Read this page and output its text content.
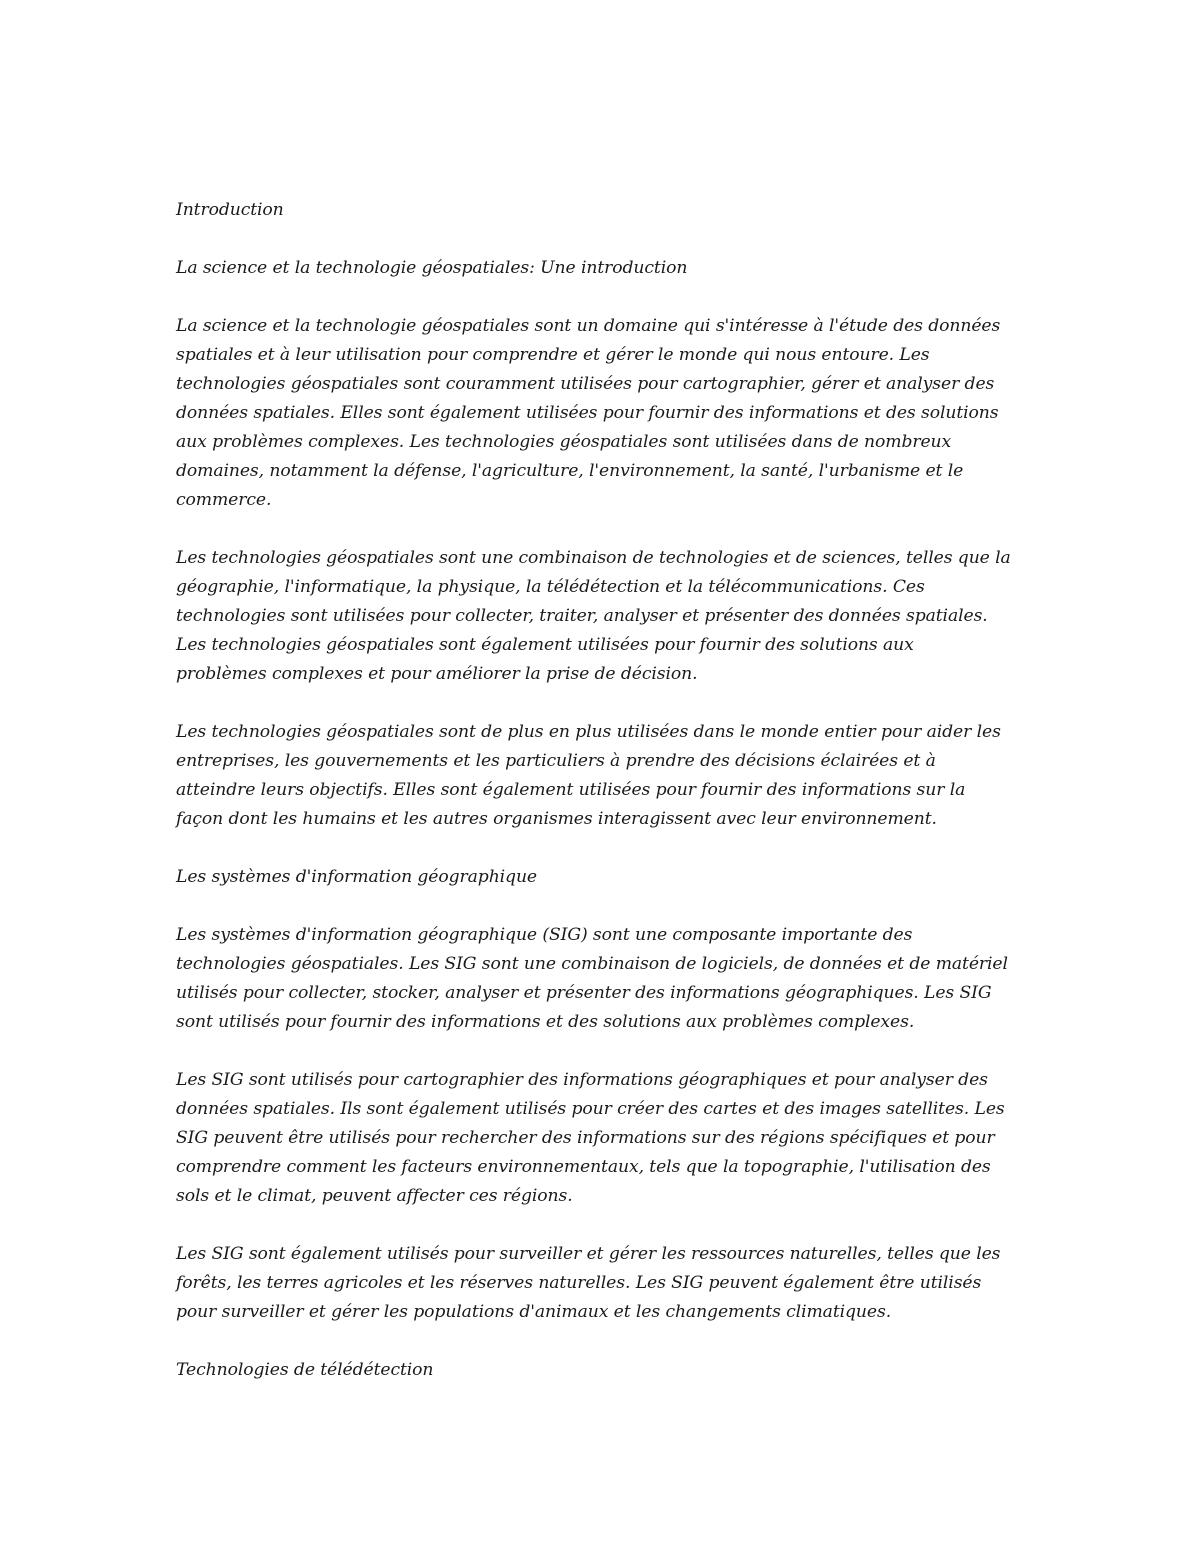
Introduction
La science et la technologie géospatiales: Une introduction
La science et la technologie géospatiales sont un domaine qui s'intéresse à l'étude des données
spatiales et à leur utilisation pour comprendre et gérer le monde qui nous entoure. Les
technologies géospatiales sont couramment utilisées pour cartographier, gérer et analyser des
données spatiales. Elles sont également utilisées pour fournir des informations et des solutions
aux problèmes complexes. Les technologies géospatiales sont utilisées dans de nombreux
domaines, notamment la défense, l'agriculture, l'environnement, la santé, l'urbanisme et le
commerce.
Les technologies géospatiales sont une combinaison de technologies et de sciences, telles que la
géographie, l'informatique, la physique, la télédétection et la télécommunications. Ces
technologies sont utilisées pour collecter, traiter, analyser et présenter des données spatiales.
Les technologies géospatiales sont également utilisées pour fournir des solutions aux
problèmes complexes et pour améliorer la prise de décision.
Les technologies géospatiales sont de plus en plus utilisées dans le monde entier pour aider les
entreprises, les gouvernements et les particuliers à prendre des décisions éclairées et à
atteindre leurs objectifs. Elles sont également utilisées pour fournir des informations sur la
façon dont les humains et les autres organismes interagissent avec leur environnement.
Les systèmes d'information géographique
Les systèmes d'information géographique (SIG) sont une composante importante des
technologies géospatiales. Les SIG sont une combinaison de logiciels, de données et de matériel
utilisés pour collecter, stocker, analyser et présenter des informations géographiques. Les SIG
sont utilisés pour fournir des informations et des solutions aux problèmes complexes.
Les SIG sont utilisés pour cartographier des informations géographiques et pour analyser des
données spatiales. Ils sont également utilisés pour créer des cartes et des images satellites. Les
SIG peuvent être utilisés pour rechercher des informations sur des régions spécifiques et pour
comprendre comment les facteurs environnementaux, tels que la topographie, l'utilisation des
sols et le climat, peuvent affecter ces régions.
Les SIG sont également utilisés pour surveiller et gérer les ressources naturelles, telles que les
forêts, les terres agricoles et les réserves naturelles. Les SIG peuvent également être utilisés
pour surveiller et gérer les populations d'animaux et les changements climatiques.
Technologies de télédétection
